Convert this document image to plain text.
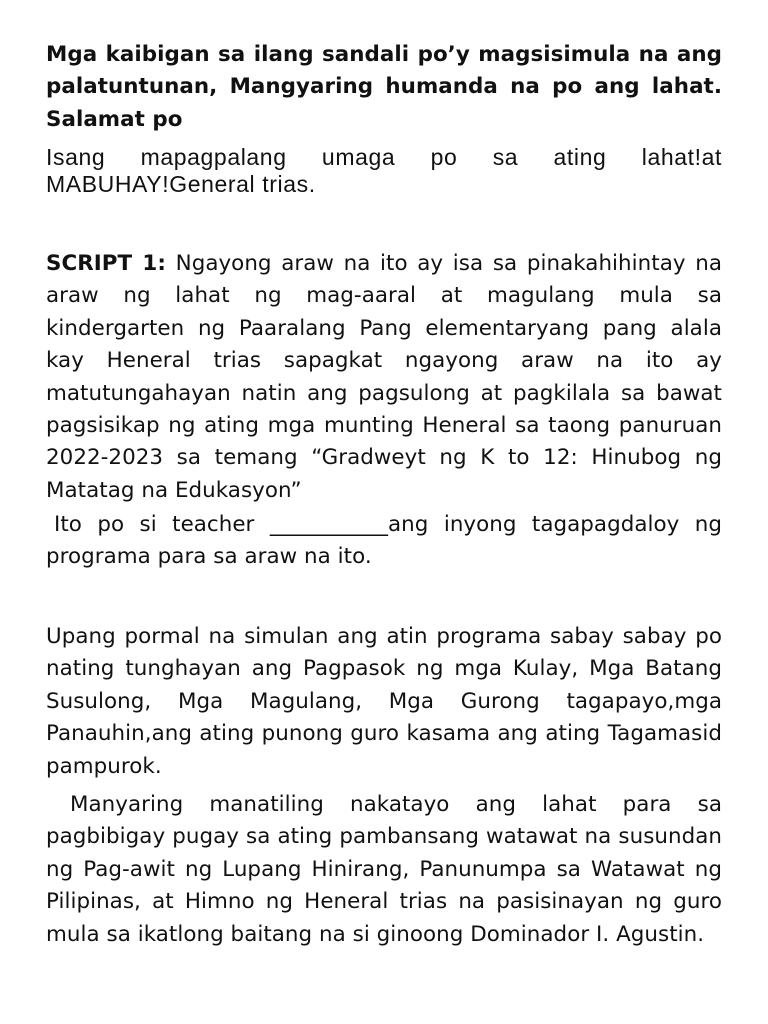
Mga kaibigan sa ilang sandali po’y magsisimula na ang palatuntunan, Mangyaring humanda na po ang lahat. Salamat po

Isang mapagpalang umaga po sa ating lahat!at MABUHAY!General trias.

SCRIPT 1: Ngayong araw na ito ay isa sa pinakahihintay na araw ng lahat ng mag-aaral at magulang mula sa kindergarten ng Paaralang Pang elementaryang pang alala kay Heneral trias sapagkat ngayong araw na ito ay matutungahayan natin ang pagsulong at pagkilala sa bawat pagsisikap ng ating mga munting Heneral sa taong panuruan 2022-2023 sa temang “Gradweyt ng K to 12: Hinubog ng Matatag na Edukasyon”

Ito po si teacher ___________ang inyong tagapagdaloy ng programa para sa araw na ito.

Upang pormal na simulan ang atin programa sabay sabay po nating tunghayan ang Pagpasok ng mga Kulay, Mga Batang Susulong, Mga Magulang, Mga Gurong tagapayo,mga Panauhin,ang ating punong guro kasama ang ating Tagamasid pampurok.

Manyaring manatiling nakatayo ang lahat para sa pagbibigay pugay sa ating pambansang watawat na susundan ng Pag-awit ng Lupang Hinirang, Panunumpa sa Watawat ng Pilipinas, at Himno ng Heneral trias na pasisinayan ng guro mula sa ikatlong baitang na si ginoong Dominador I. Agustin.
